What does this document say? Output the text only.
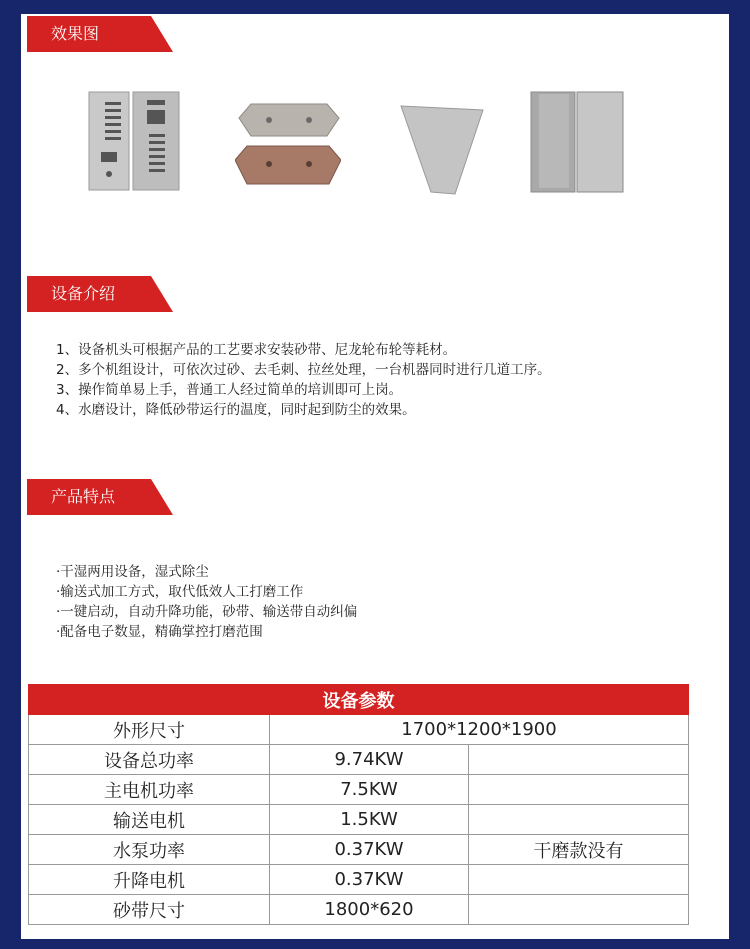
效果图
设备介绍
1、设备机头可根据产品的工艺要求安装砂带、尼龙轮布轮等耗材。
2、多个机组设计，可依次过砂、去毛刺、拉丝处理，一台机器同时进行几道工序。
3、操作简单易上手，普通工人经过简单的培训即可上岗。
4、水磨设计，降低砂带运行的温度，同时起到防尘的效果。
产品特点
·干湿两用设备，湿式除尘
·输送式加工方式，取代低效人工打磨工作
·一键启动，自动升降功能，砂带、输送带自动纠偏
·配备电子数显，精确掌控打磨范围
设备参数		
外形尺寸	1700*1200*1900	
设备总功率	9.74KW	
主电机功率	7.5KW	
输送电机	1.5KW	
水泵功率	0.37KW	干磨款没有
升降电机	0.37KW	
砂带尺寸	1800*620	
